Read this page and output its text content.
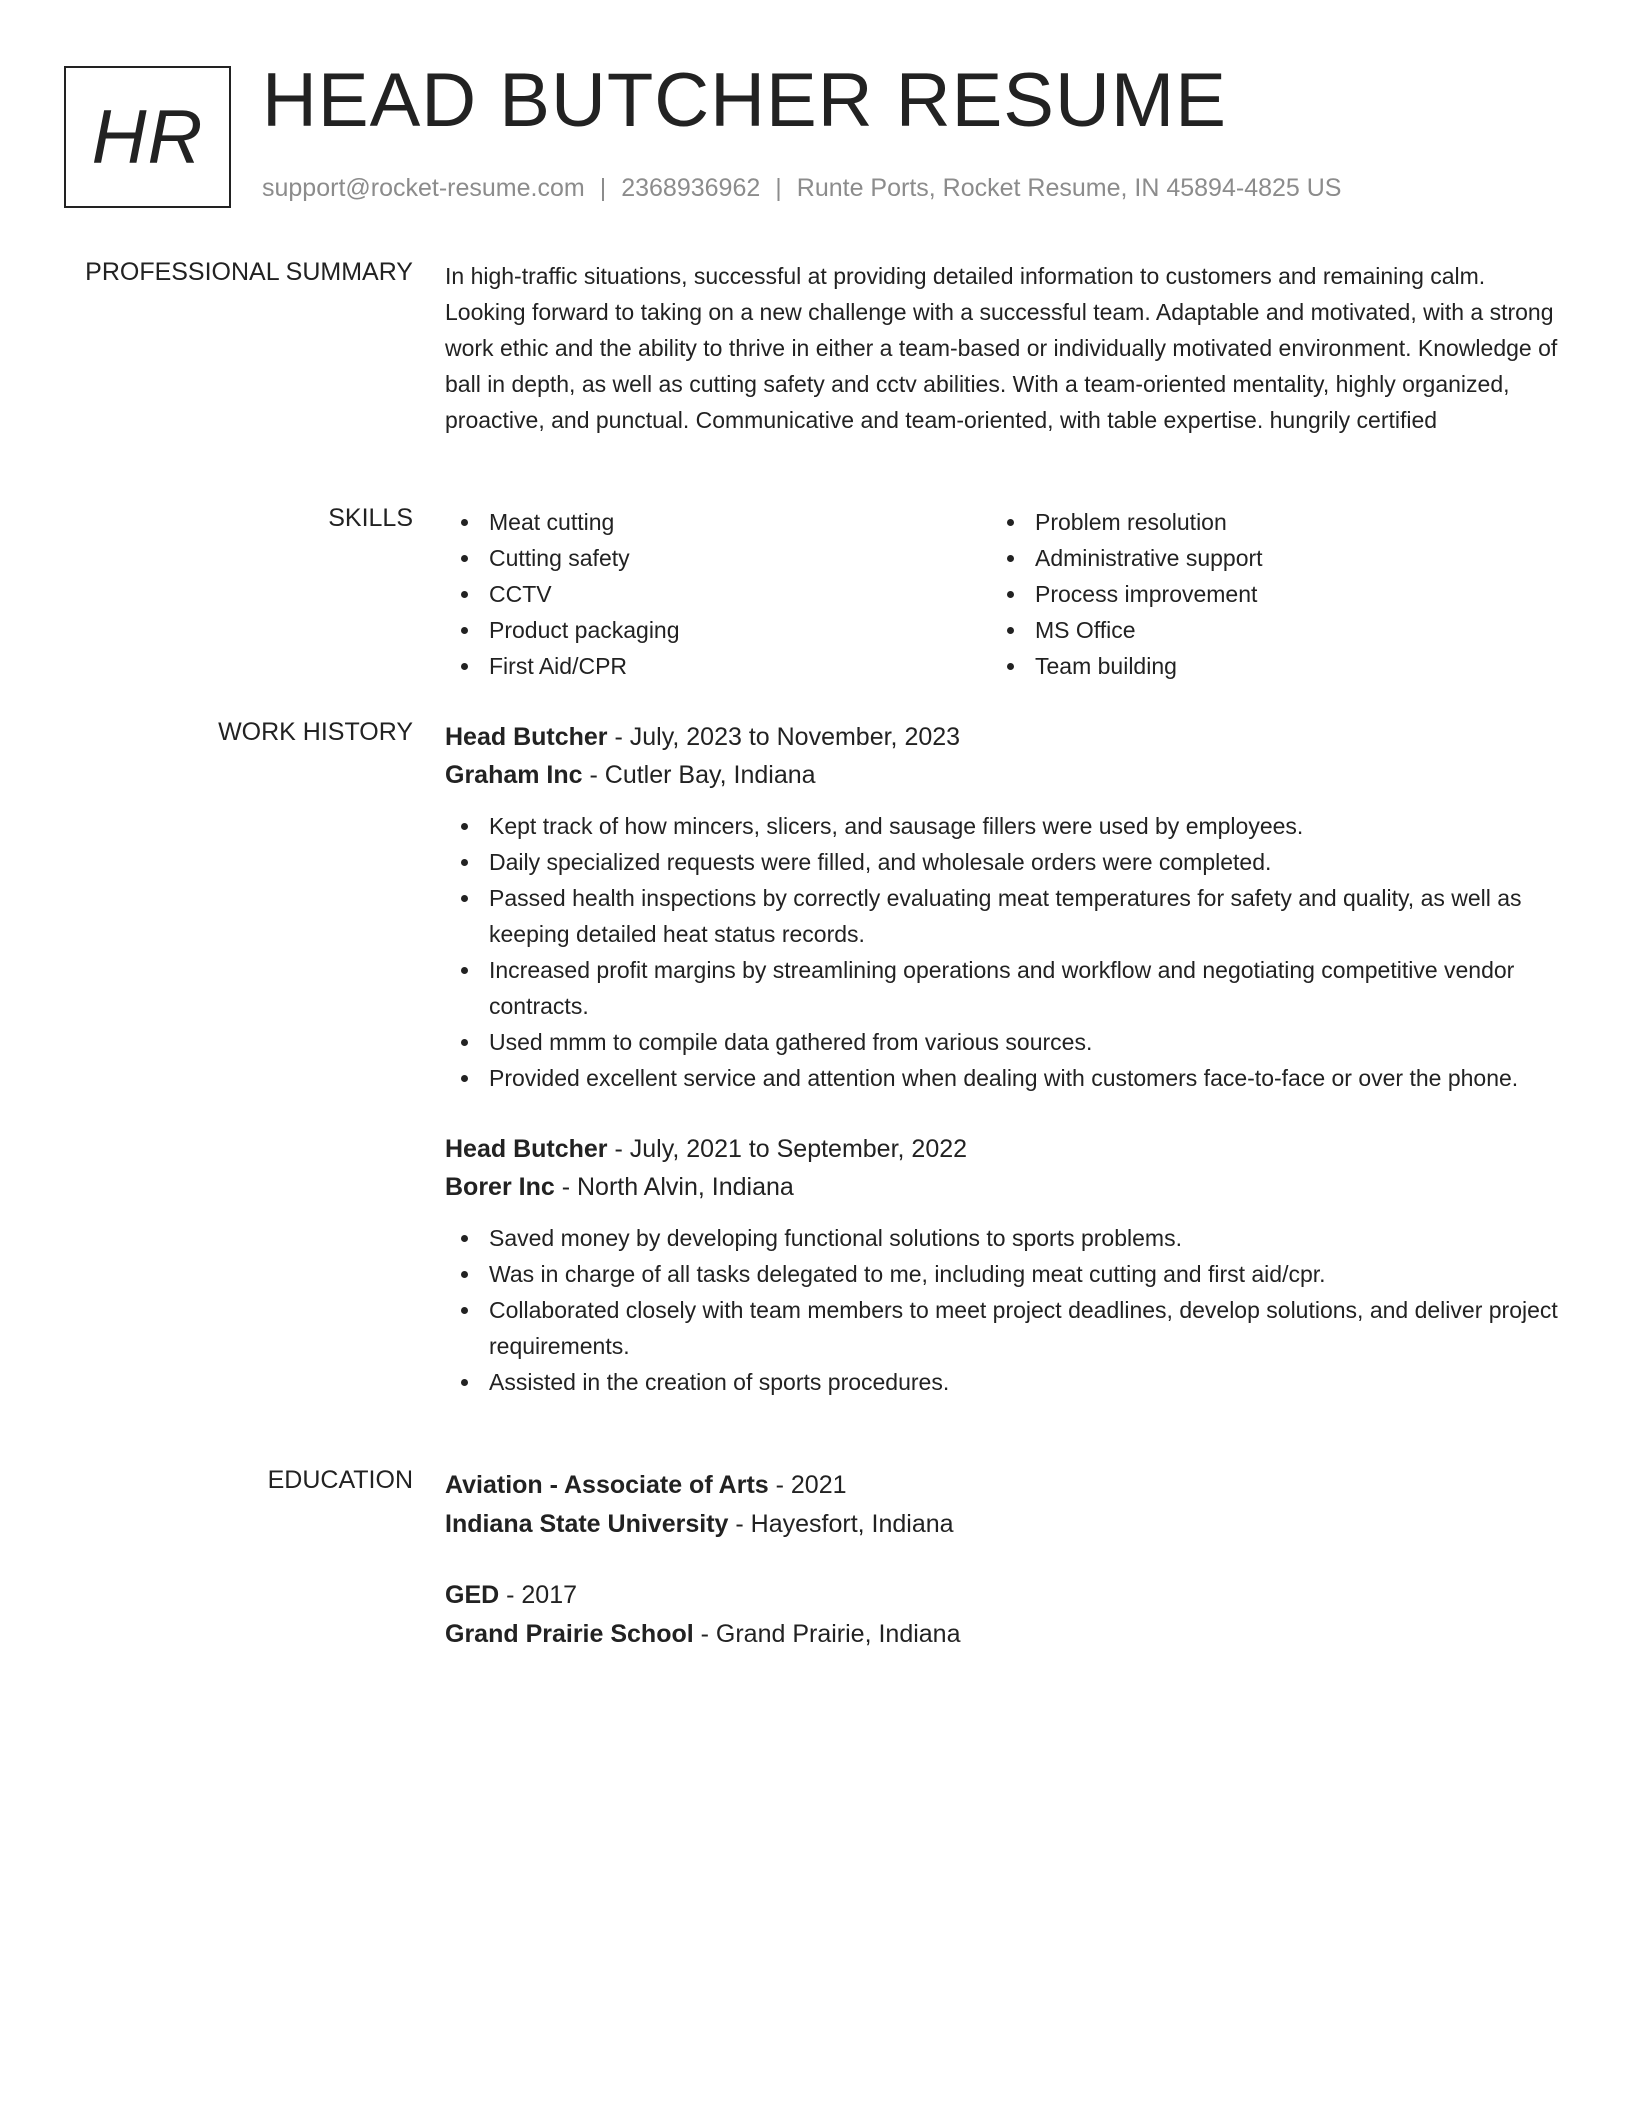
HR HEAD BUTCHER RESUME
support@rocket-resume.com | 2368936962 | Runte Ports, Rocket Resume, IN 45894-4825 US
PROFESSIONAL SUMMARY In high-traffic situations, successful at providing detailed information to customers and remaining calm. Looking forward to taking on a new challenge with a successful team. Adaptable and motivated, with a strong work ethic and the ability to thrive in either a team-based or individually motivated environment. Knowledge of ball in depth, as well as cutting safety and cctv abilities. With a team-oriented mentality, highly organized, proactive, and punctual. Communicative and team-oriented, with table expertise. hungrily certified

SKILLS	Meat cutting
Cutting safety
CCTV
Product packaging
First Aid/CPR
Problem resolution
Administrative support
Process improvement
MS Office
Team building
WORK HISTORY Head Butcher - July, 2023 to November, 2023
Graham Inc - Cutler Bay, Indiana
Kept track of how mincers, slicers, and sausage fillers were used by employees.
Daily specialized requests were filled, and wholesale orders were completed.
Passed health inspections by correctly evaluating meat temperatures for safety and quality, as well as keeping detailed heat status records.
Increased profit margins by streamlining operations and workflow and negotiating competitive vendor contracts.
Used mmm to compile data gathered from various sources.
Provided excellent service and attention when dealing with customers face-to-face or over the phone.
Head Butcher - July, 2021 to September, 2022
Borer Inc - North Alvin, Indiana
Saved money by developing functional solutions to sports problems.
Was in charge of all tasks delegated to me, including meat cutting and first aid/cpr.
Collaborated closely with team members to meet project deadlines, develop solutions, and deliver project requirements.
Assisted in the creation of sports procedures.
EDUCATION Aviation - Associate of Arts - 2021
Indiana State University - Hayesfort, Indiana
GED - 2017
Grand Prairie School - Grand Prairie, Indiana
